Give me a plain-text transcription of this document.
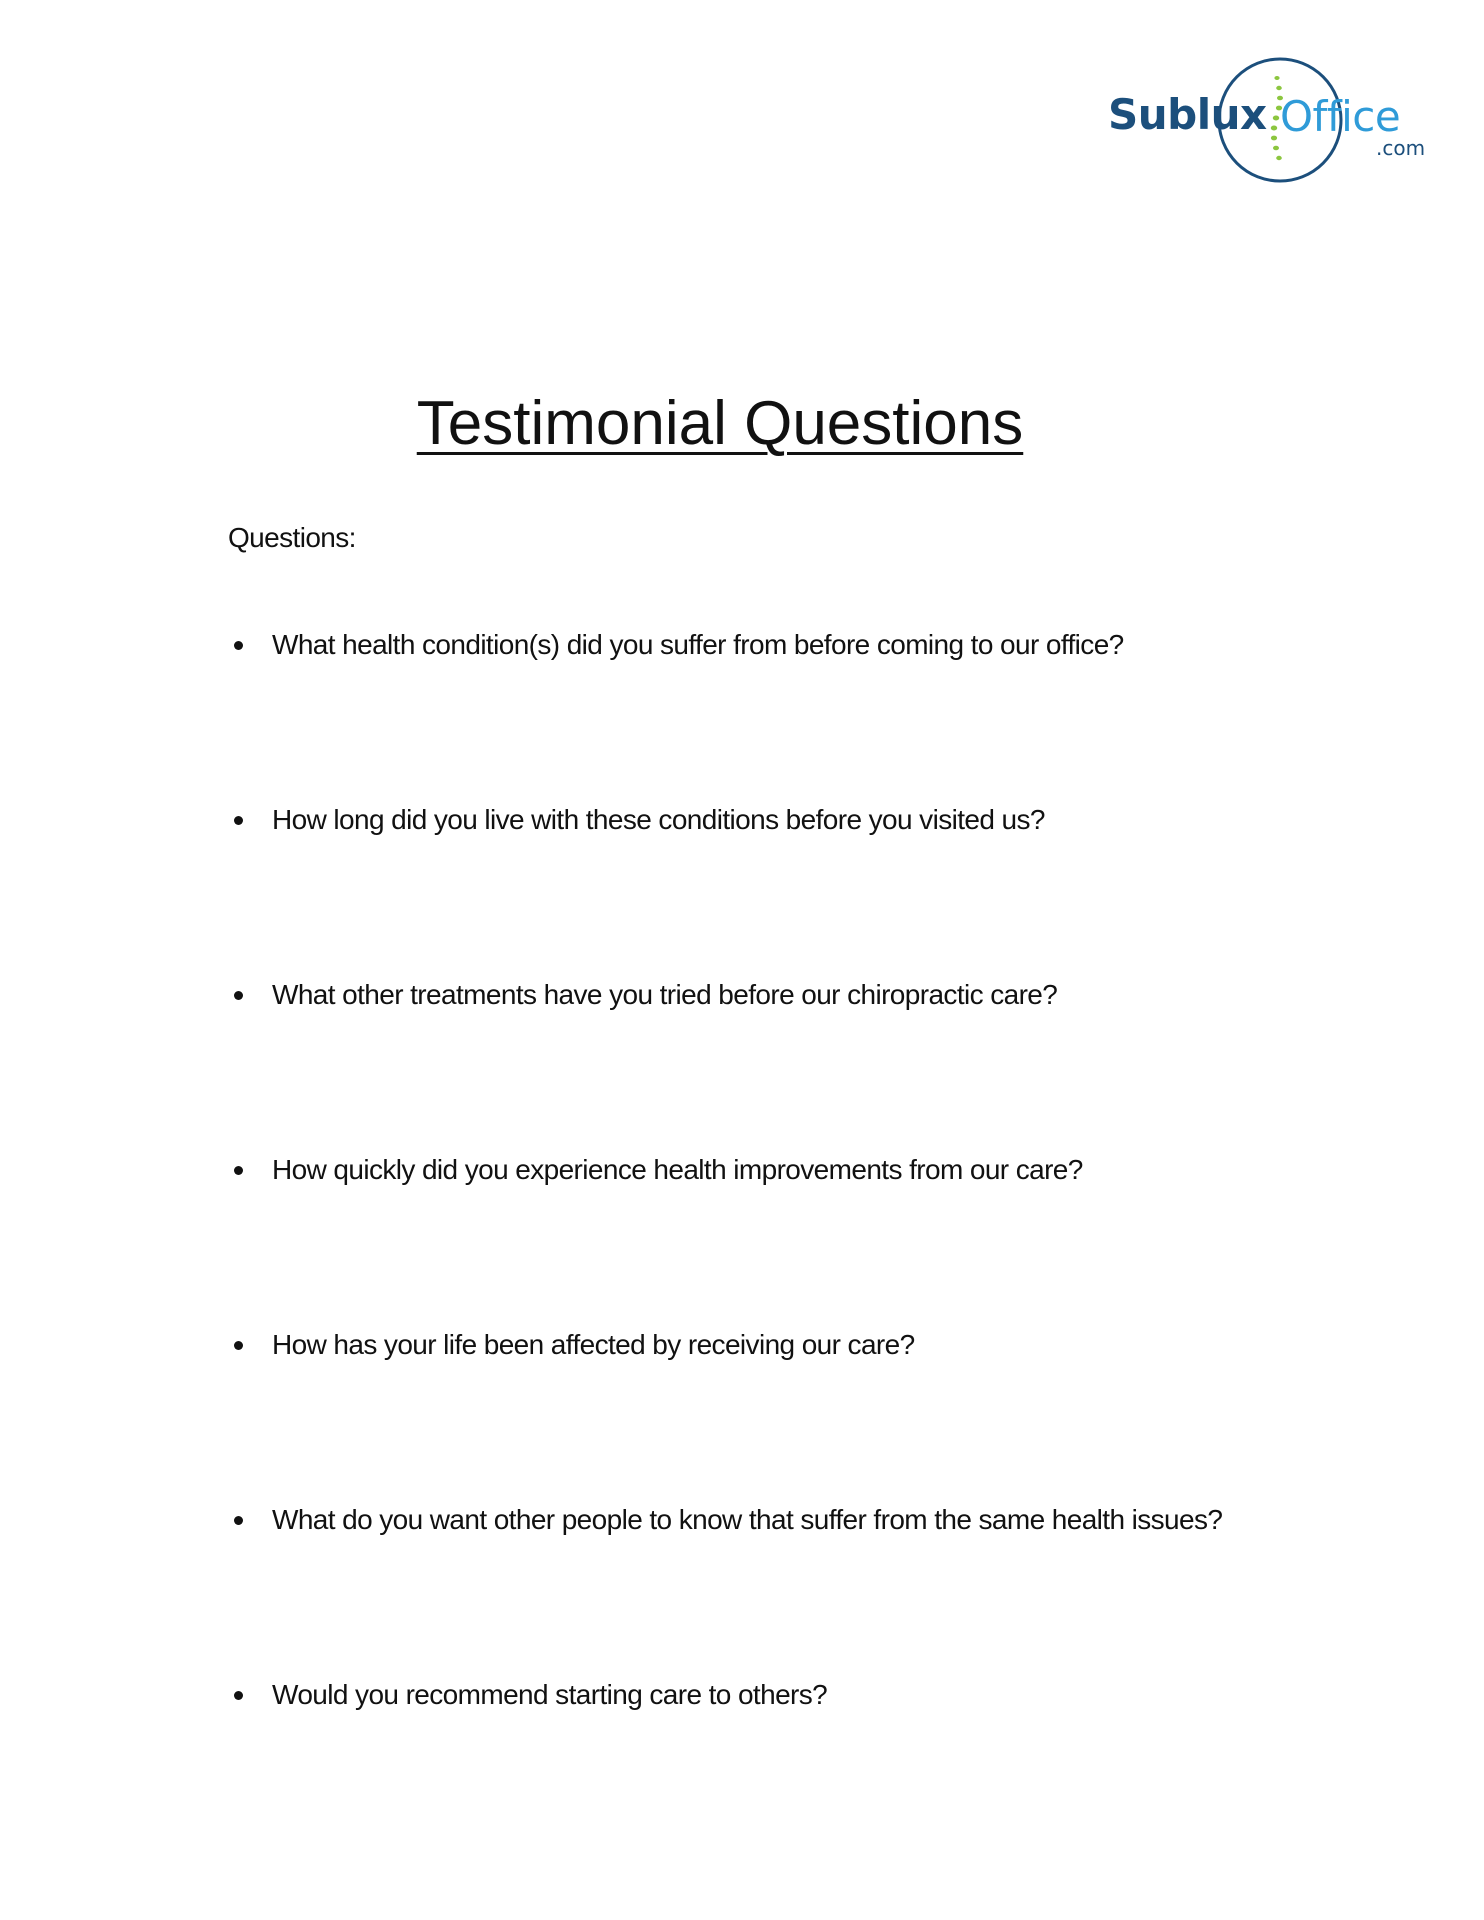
Sublux Office
.com
Testimonial Questions
Questions:
What health condition(s) did you suffer from before coming to our office?
How long did you live with these conditions before you visited us?
What other treatments have you tried before our chiropractic care?
How quickly did you experience health improvements from our care?
How has your life been affected by receiving our care?
What do you want other people to know that suffer from the same health issues?
Would you recommend starting care to others?
